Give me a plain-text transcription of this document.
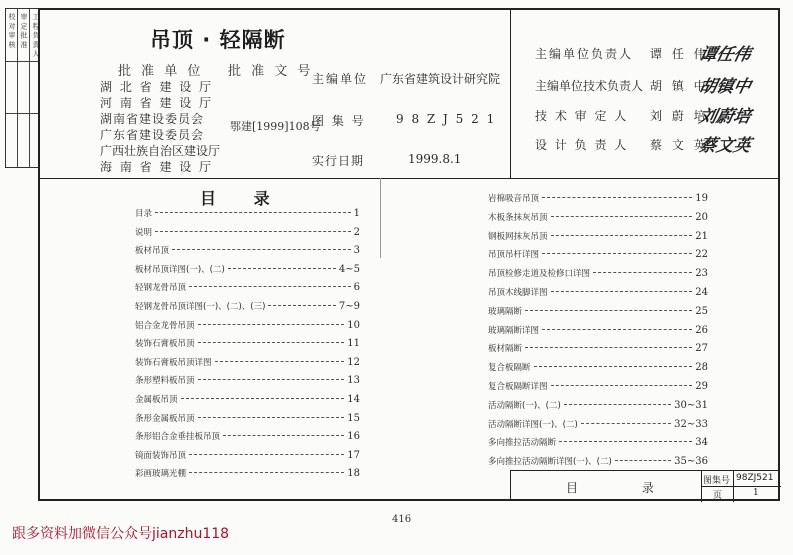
校 对 审 核 审 定 批 准 工 程 负 责 人	吊顶 · 轻隔断
批 准 单 位 批 准 文 号
湖 北 省 建 设 厅
河 南 省 建 设 厅
湖南省建设委员会
广东省建设委员会
广西壮族自治区建设厅
海 南 省 建 设 厅
鄂建[1999]108号
主编单位 广东省建筑设计研究院
图 集 号	9 8 Z J 5 2 1
实行日期	1999.8.1
主编单位负责人 谭 任 伟
谭任伟
主编单位技术负责人 胡 镇 中
胡镇中
技 术 审 定 人 刘 蔚 培
刘蔚培
设 计 负 责 人 蔡 文 英
蔡文英
目 录
目录	1
说明	2
板材吊顶	3
板材吊顶详图(一)、(二)	4~5
轻钢龙骨吊顶	6
轻钢龙骨吊顶详图(一)、(二)、(三)	7~9
铝合金龙骨吊顶	10
装饰石膏板吊顶	11
装饰石膏板吊顶详图	12
条形塑料板吊顶	13
金属板吊顶	14
条形金属板吊顶	15
条形铝合金垂挂板吊顶	16
镜面装饰吊顶	17
彩画玻璃光棚	18
岩棉吸音吊顶	19
木板条抹灰吊顶	20
钢板网抹灰吊顶	21
吊顶吊杆详图	22
吊顶检修走道及检修口详图	23
吊顶木线脚详图	24
玻璃隔断	25
玻璃隔断详图	26
板材隔断	27
复合板隔断	28
复合板隔断详图	29
活动隔断(一)、(二)	30~31
活动隔断详图(一)、(二)	32~33
多向推拉活动隔断	34
多向推拉活动隔断详图(一)、(二)	35~36
目 录 图集号 98ZJ521
页	1
416
跟多资料加微信公众号jianzhu118
